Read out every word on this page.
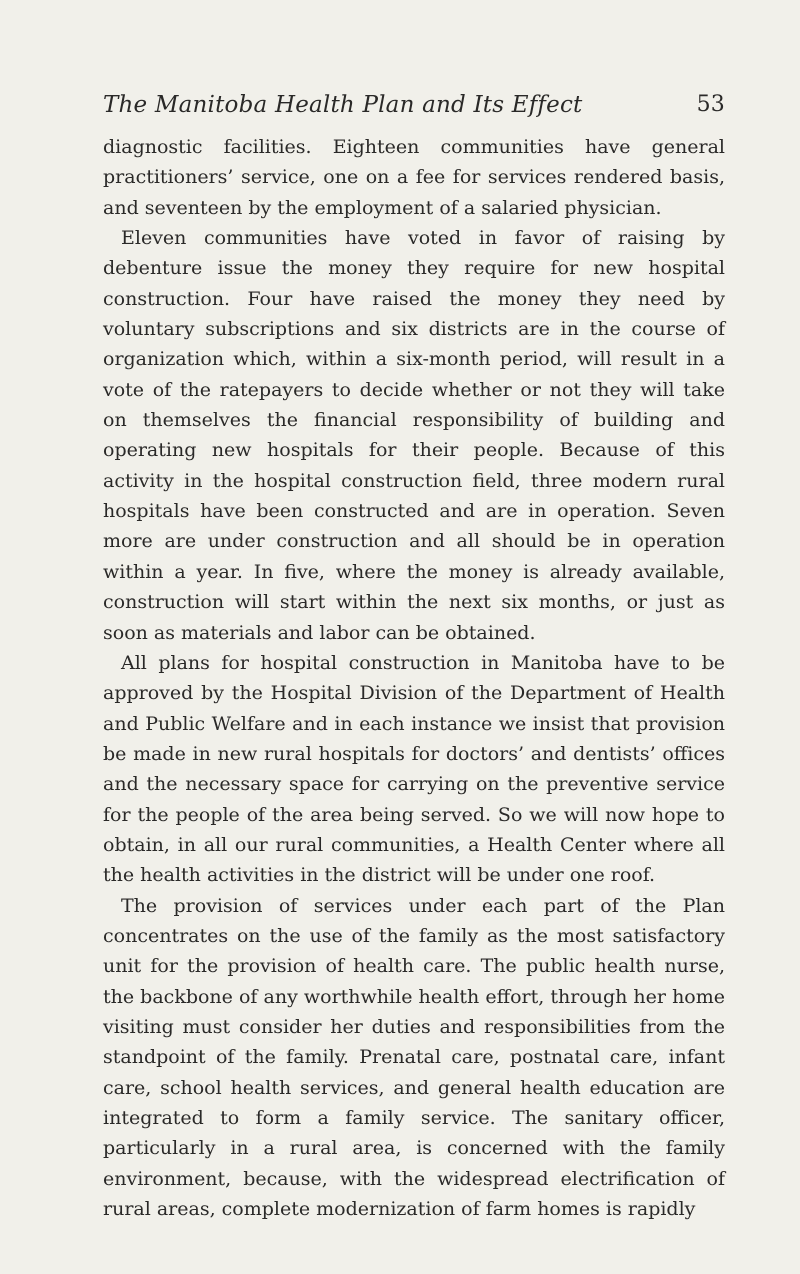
The Manitoba Health Plan and Its Effect	53

diagnostic facilities. Eighteen communities have general practitioners’ service, one on a fee for services rendered basis, and seventeen by the employment of a salaried physician.

Eleven communities have voted in favor of raising by debenture issue the money they require for new hospital construction. Four have raised the money they need by voluntary subscriptions and six districts are in the course of organization which, within a six-month period, will result in a vote of the ratepayers to decide whether or not they will take on themselves the financial responsibility of building and operating new hospitals for their people. Because of this activity in the hospital construction field, three modern rural hospitals have been constructed and are in operation. Seven more are under construction and all should be in operation within a year. In five, where the money is already available, construction will start within the next six months, or just as soon as materials and labor can be obtained.

All plans for hospital construction in Manitoba have to be approved by the Hospital Division of the Department of Health and Public Welfare and in each instance we insist that provision be made in new rural hospitals for doctors’ and dentists’ offices and the necessary space for carrying on the preventive service for the people of the area being served. So we will now hope to obtain, in all our rural communities, a Health Center where all the health activities in the district will be under one roof.

The provision of services under each part of the Plan concentrates on the use of the family as the most satisfactory unit for the provision of health care. The public health nurse, the backbone of any worthwhile health effort, through her home visiting must consider her duties and responsibilities from the standpoint of the family. Prenatal care, postnatal care, infant care, school health services, and general health education are integrated to form a family service. The sanitary officer, particularly in a rural area, is concerned with the family environment, because, with the widespread electrification of rural areas, complete modernization of farm homes is rapidly
